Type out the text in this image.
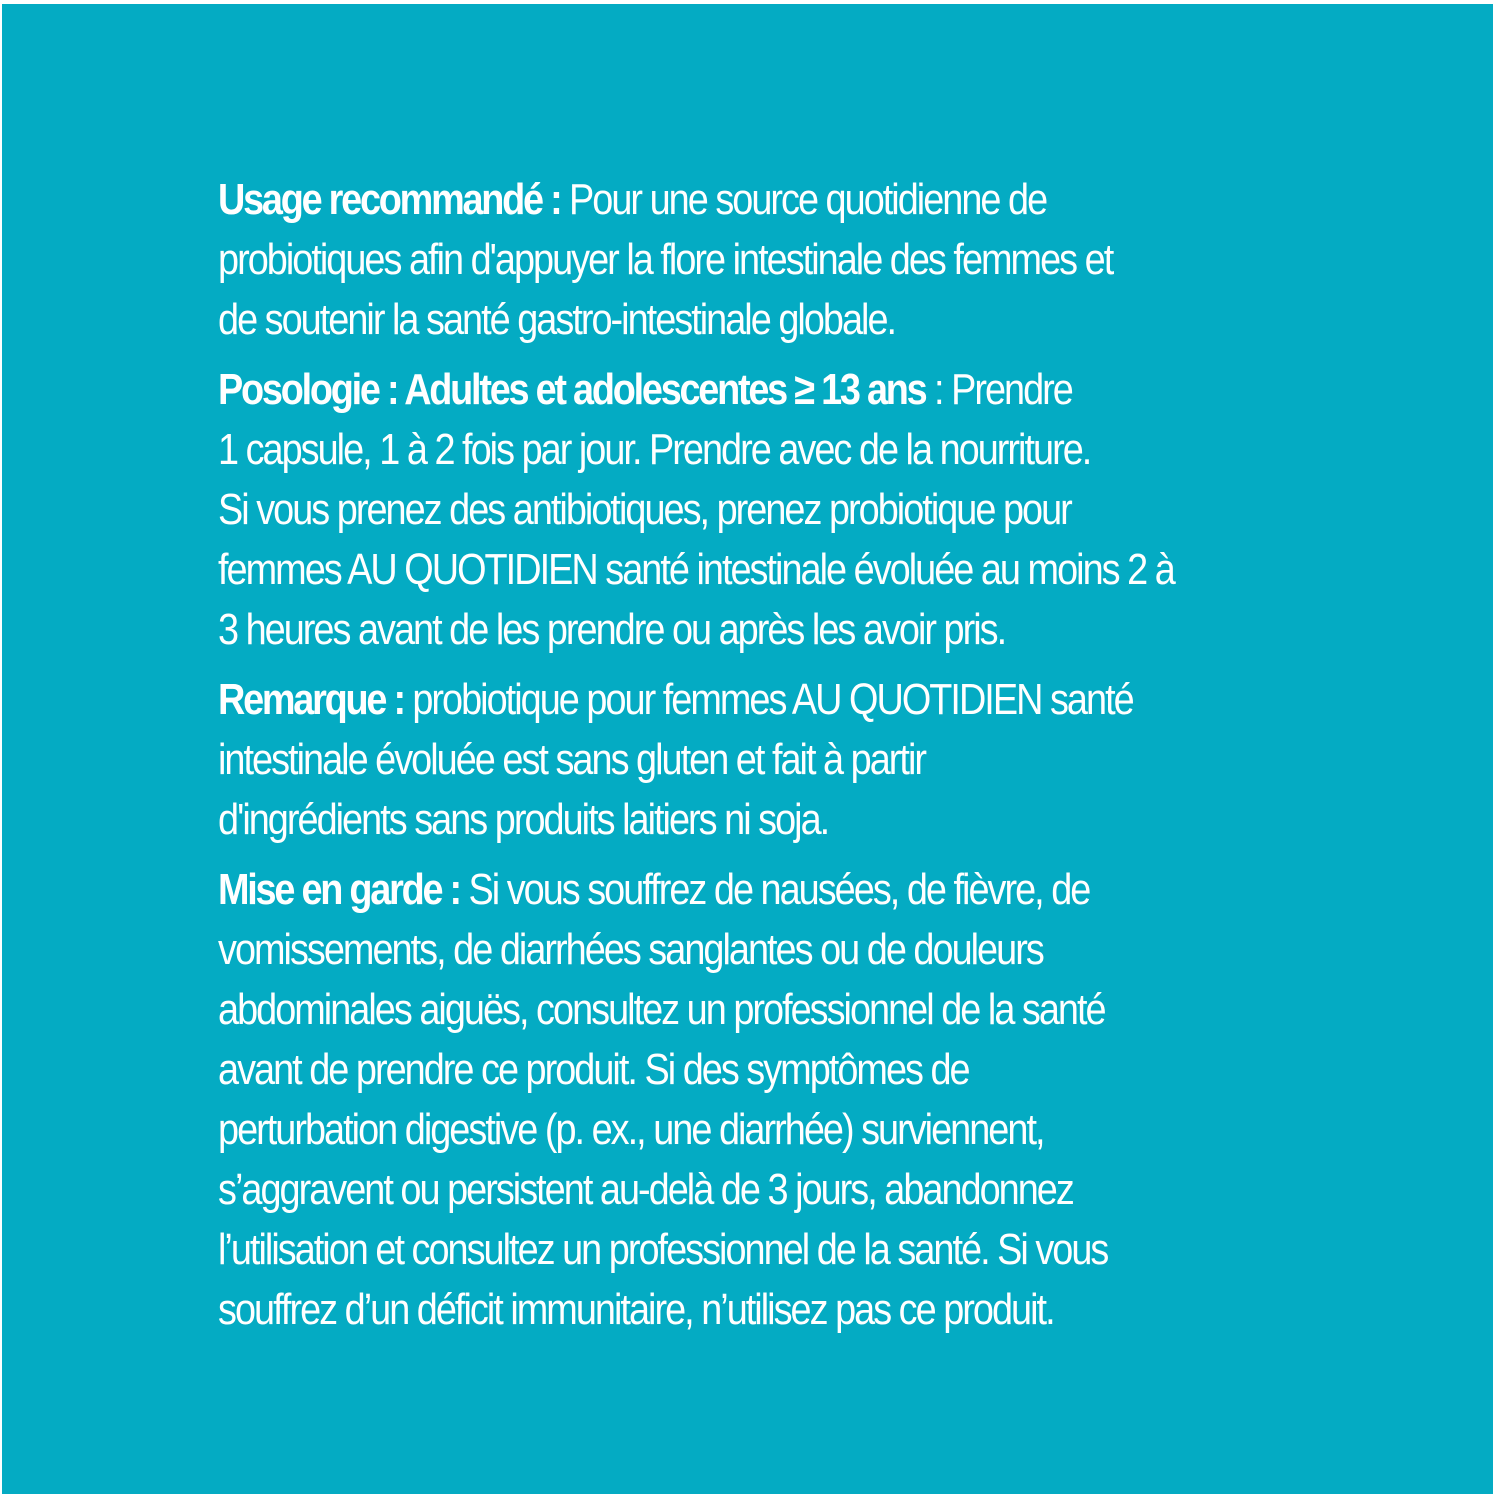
Usage recommandé : Pour une source quotidienne de
probiotiques afin d'appuyer la flore intestinale des femmes et
de soutenir la santé gastro-intestinale globale.
Posologie : Adultes et adolescentes ≥ 13 ans : Prendre
1 capsule, 1 à 2 fois par jour. Prendre avec de la nourriture.
Si vous prenez des antibiotiques, prenez probiotique pour
femmes AU QUOTIDIEN santé intestinale évoluée au moins 2 à
3 heures avant de les prendre ou après les avoir pris.
Remarque : probiotique pour femmes AU QUOTIDIEN santé
intestinale évoluée est sans gluten et fait à partir
d'ingrédients sans produits laitiers ni soja.
Mise en garde : Si vous souffrez de nausées, de fièvre, de
vomissements, de diarrhées sanglantes ou de douleurs
abdominales aiguës, consultez un professionnel de la santé
avant de prendre ce produit. Si des symptômes de
perturbation digestive (p. ex., une diarrhée) surviennent,
s’aggravent ou persistent au-delà de 3 jours, abandonnez
l’utilisation et consultez un professionnel de la santé. Si vous
souffrez d’un déficit immunitaire, n’utilisez pas ce produit.
